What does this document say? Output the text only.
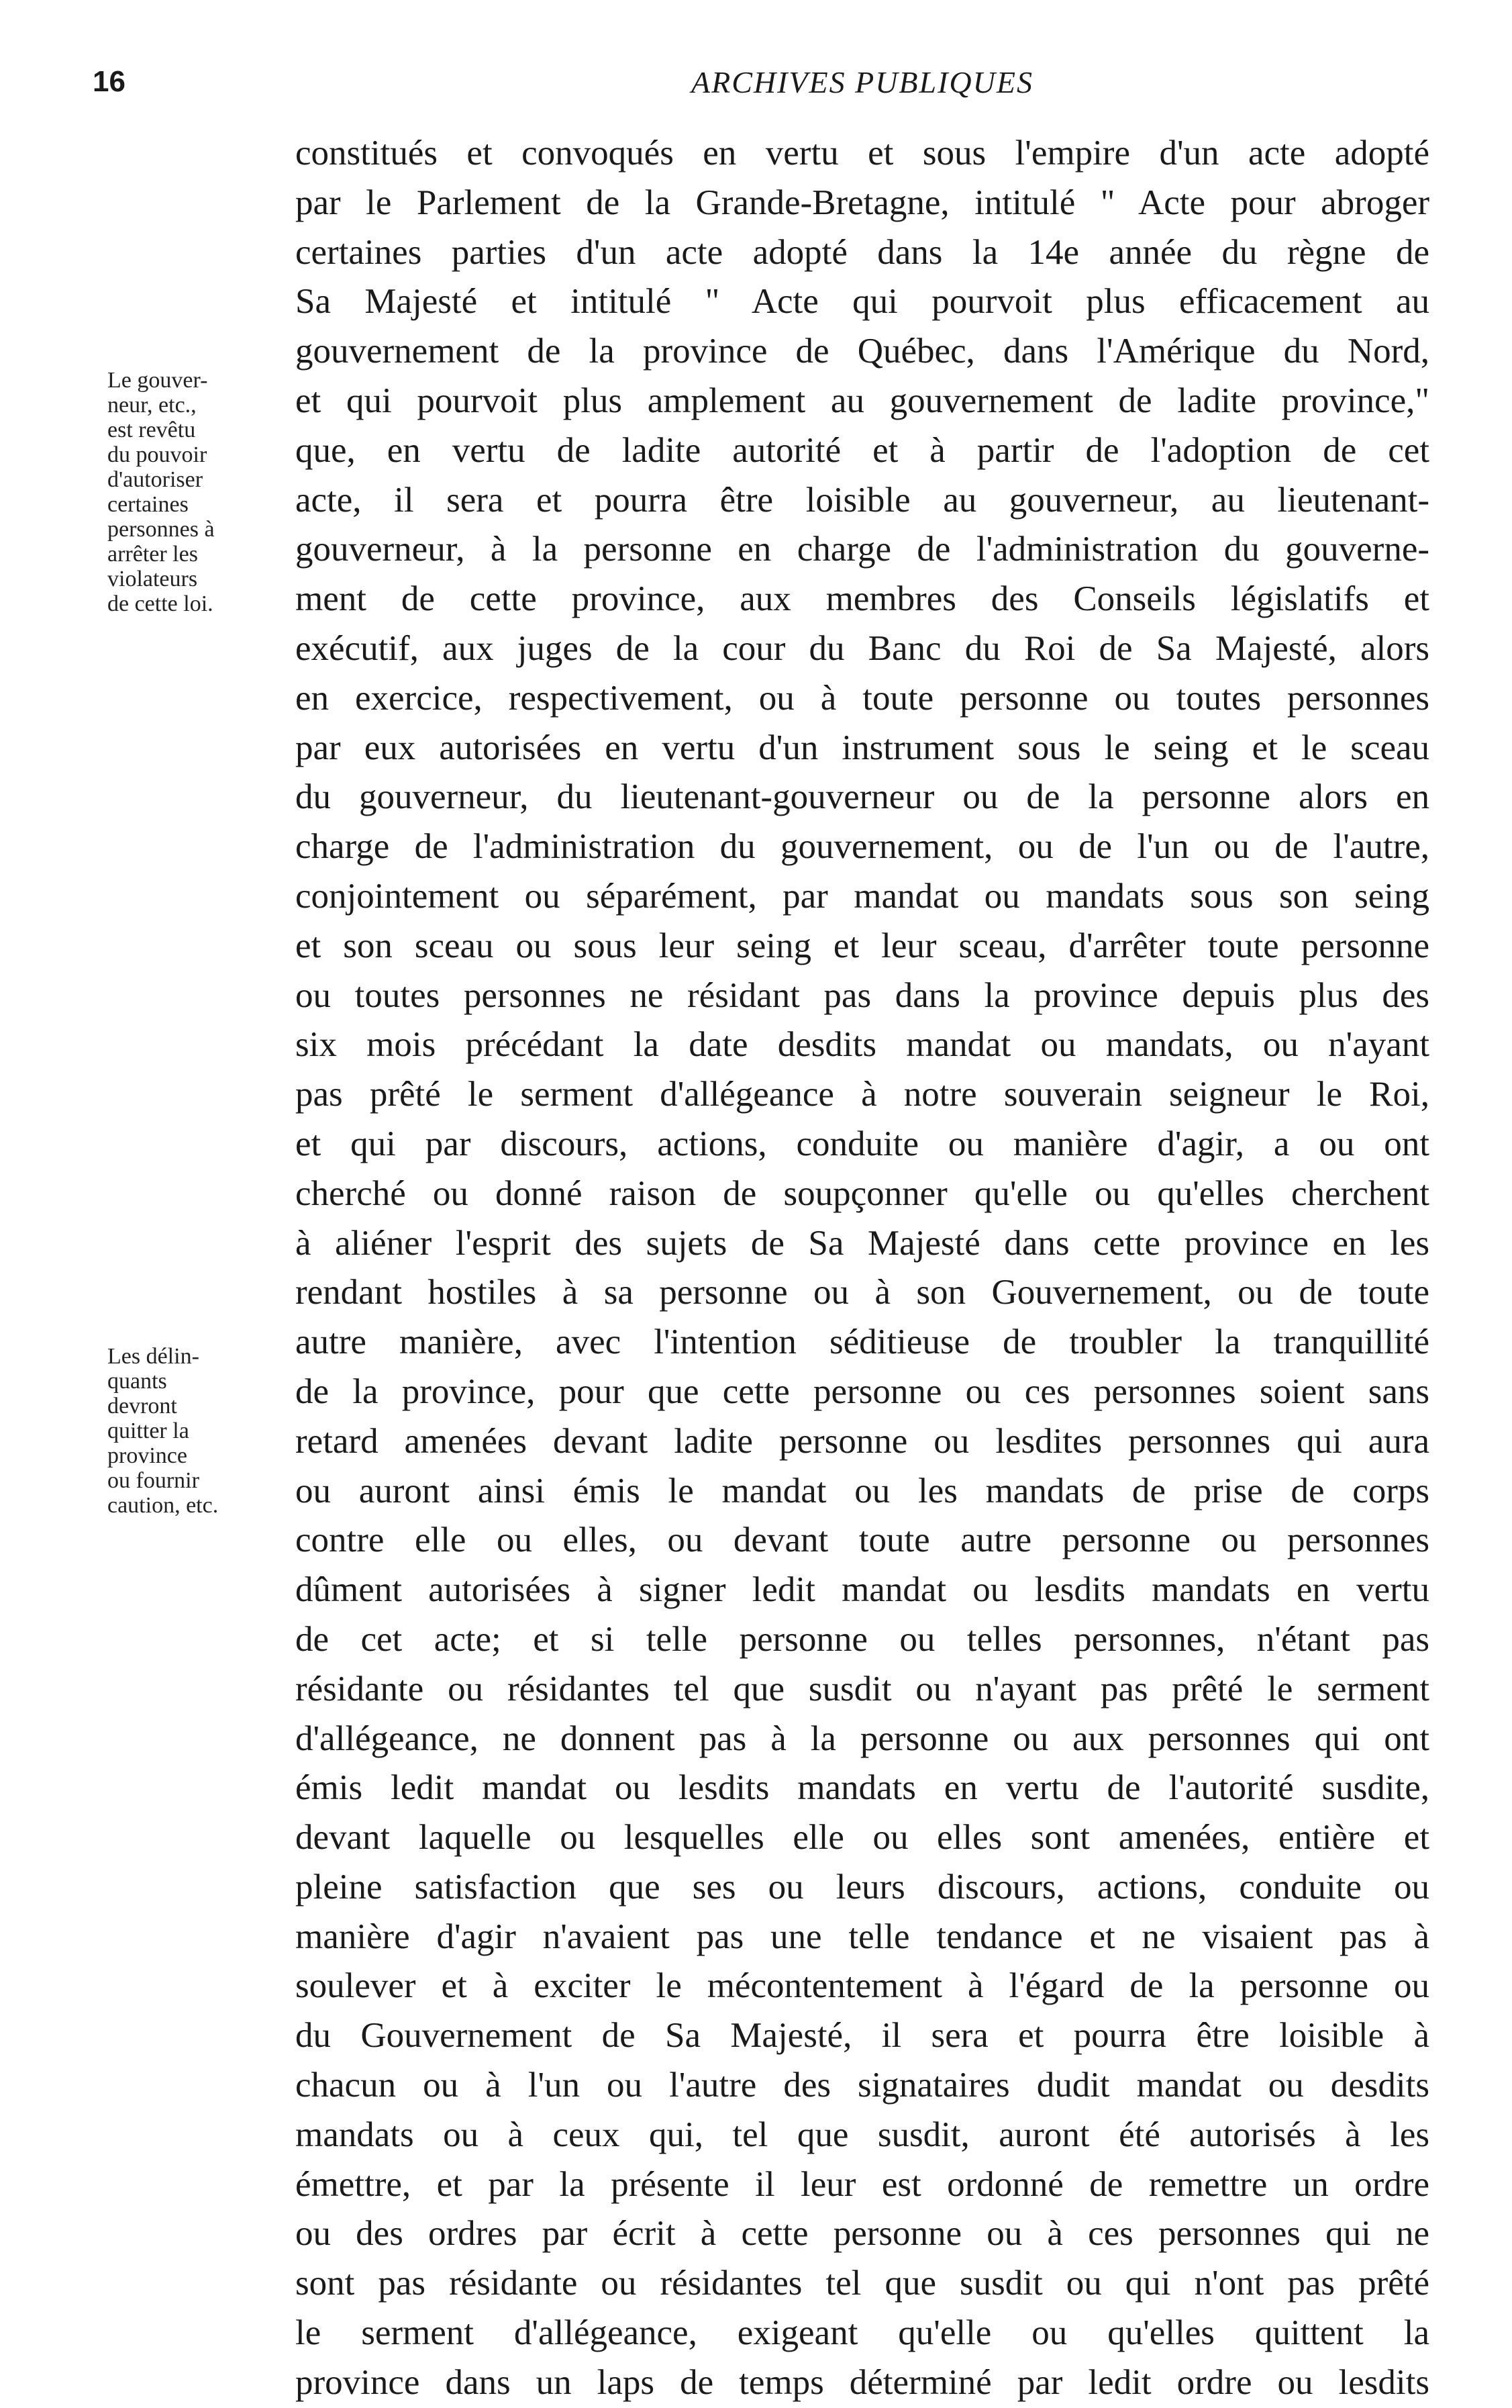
16	ARCHIVES PUBLIQUES
Le gouver-
neur, etc.,
est revêtu
du pouvoir
d'autoriser
certaines
personnes à
arrêter les
violateurs
de cette loi.
Les délin-
quants
devront
quitter la
province
ou fournir
caution, etc.
constitués et convoqués en vertu et sous l'empire d'un acte adopté
par le Parlement de la Grande-Bretagne, intitulé " Acte pour abroger
certaines parties d'un acte adopté dans la 14e année du règne de
Sa Majesté et intitulé " Acte qui pourvoit plus efficacement au
gouvernement de la province de Québec, dans l'Amérique du Nord,
et qui pourvoit plus amplement au gouvernement de ladite province,"
que, en vertu de ladite autorité et à partir de l'adoption de cet
acte, il sera et pourra être loisible au gouverneur, au lieutenant-
gouverneur, à la personne en charge de l'administration du gouverne-
ment de cette province, aux membres des Conseils législatifs et
exécutif, aux juges de la cour du Banc du Roi de Sa Majesté, alors
en exercice, respectivement, ou à toute personne ou toutes personnes
par eux autorisées en vertu d'un instrument sous le seing et le sceau
du gouverneur, du lieutenant-gouverneur ou de la personne alors en
charge de l'administration du gouvernement, ou de l'un ou de l'autre,
conjointement ou séparément, par mandat ou mandats sous son seing
et son sceau ou sous leur seing et leur sceau, d'arrêter toute personne
ou toutes personnes ne résidant pas dans la province depuis plus des
six mois précédant la date desdits mandat ou mandats, ou n'ayant
pas prêté le serment d'allégeance à notre souverain seigneur le Roi,
et qui par discours, actions, conduite ou manière d'agir, a ou ont
cherché ou donné raison de soupçonner qu'elle ou qu'elles cherchent
à aliéner l'esprit des sujets de Sa Majesté dans cette province en les
rendant hostiles à sa personne ou à son Gouvernement, ou de toute
autre manière, avec l'intention séditieuse de troubler la tranquillité
de la province, pour que cette personne ou ces personnes soient sans
retard amenées devant ladite personne ou lesdites personnes qui aura
ou auront ainsi émis le mandat ou les mandats de prise de corps
contre elle ou elles, ou devant toute autre personne ou personnes
dûment autorisées à signer ledit mandat ou lesdits mandats en vertu
de cet acte; et si telle personne ou telles personnes, n'étant pas
résidante ou résidantes tel que susdit ou n'ayant pas prêté le serment
d'allégeance, ne donnent pas à la personne ou aux personnes qui ont
émis ledit mandat ou lesdits mandats en vertu de l'autorité susdite,
devant laquelle ou lesquelles elle ou elles sont amenées, entière et
pleine satisfaction que ses ou leurs discours, actions, conduite ou
manière d'agir n'avaient pas une telle tendance et ne visaient pas à
soulever et à exciter le mécontentement à l'égard de la personne ou
du Gouvernement de Sa Majesté, il sera et pourra être loisible à
chacun ou à l'un ou l'autre des signataires dudit mandat ou desdits
mandats ou à ceux qui, tel que susdit, auront été autorisés à les
émettre, et par la présente il leur est ordonné de remettre un ordre
ou des ordres par écrit à cette personne ou à ces personnes qui ne
sont pas résidante ou résidantes tel que susdit ou qui n'ont pas prêté
le serment d'allégeance, exigeant qu'elle ou qu'elles quittent la
province dans un laps de temps déterminé par ledit ordre ou lesdits
